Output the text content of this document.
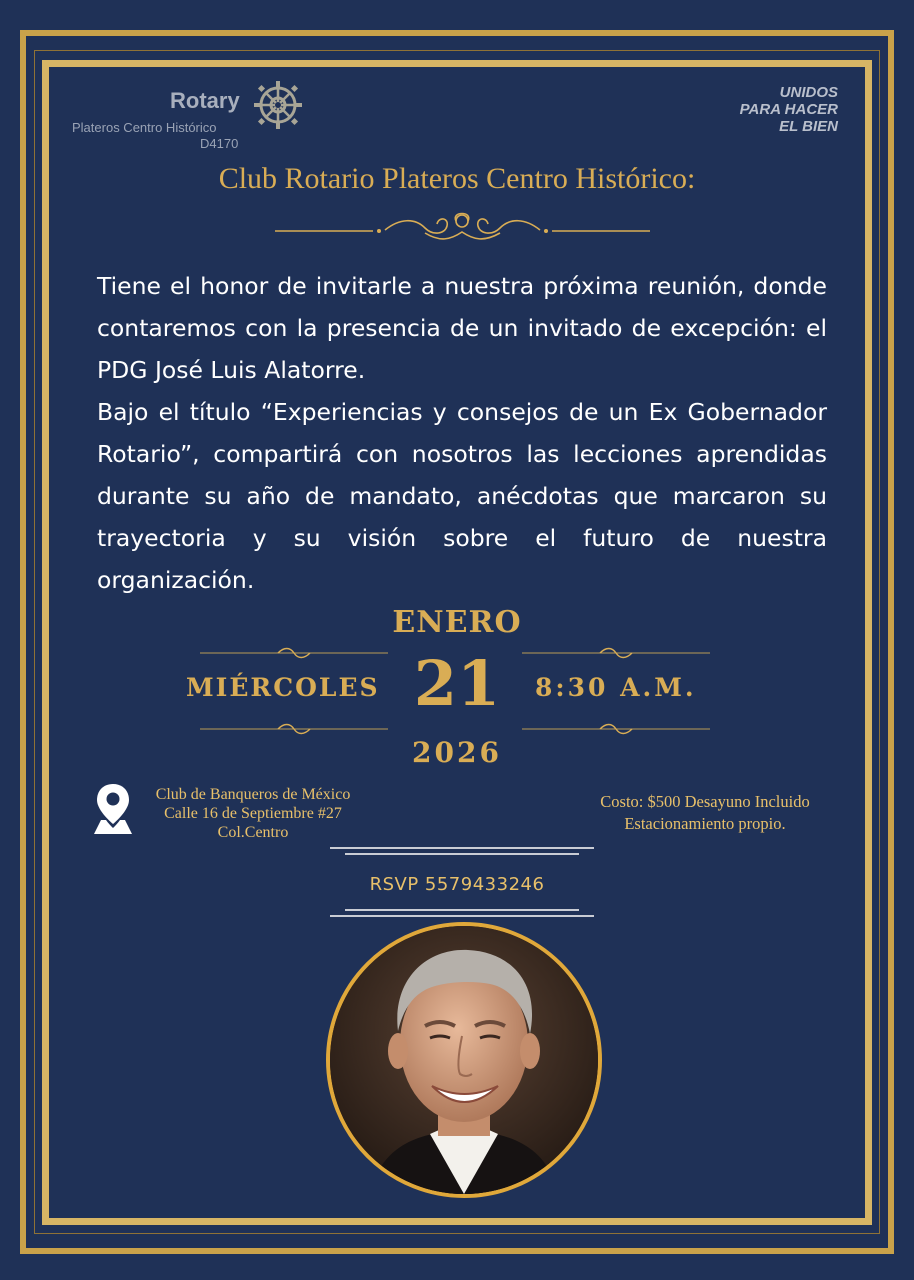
Rotary
Plateros Centro Histórico
D4170
UNIDOS
PARA HACER
EL BIEN
Club Rotario Plateros Centro Histórico:

Tiene el honor de invitarle a nuestra próxima reunión, donde contaremos con la presencia de un invitado de excepción: el PDG José Luis Alatorre.

Bajo el título “Experiencias y consejos de un Ex Gobernador Rotario”, compartirá con nosotros las lecciones aprendidas durante su año de mandato, anécdotas que marcaron su trayectoria y su visión sobre el futuro de nuestra organización.

ENERO
MIÉRCOLES 21	8:30 A.M.
2026
Club de Banqueros de México
Calle 16 de Septiembre #27
Col.Centro
Costo: $500 Desayuno Incluido
Estacionamiento propio.
RSVP 5579433246
